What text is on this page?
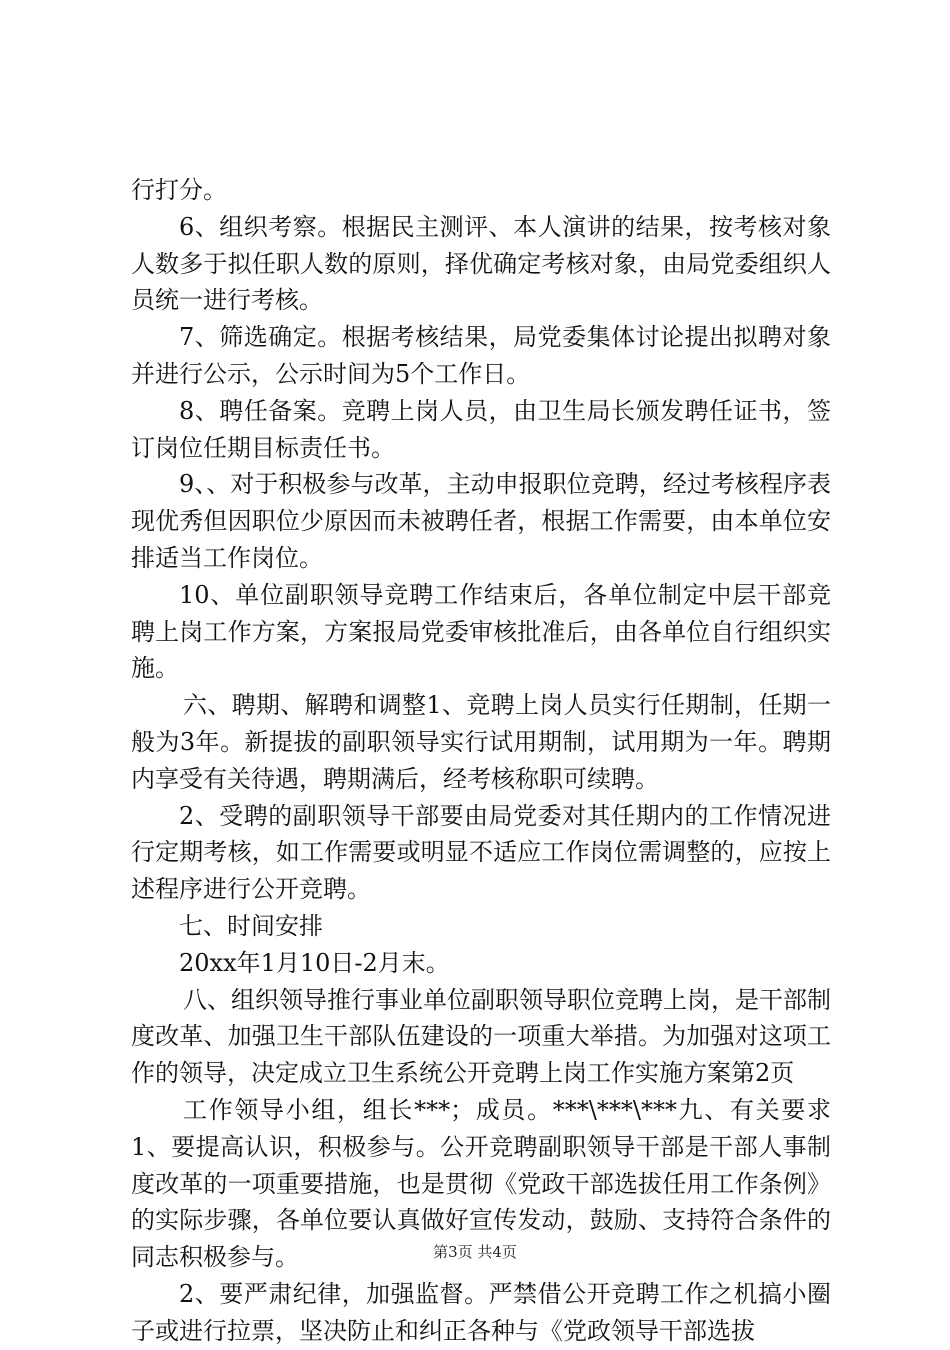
行打分。

6、组织考察。根据民主测评、本人演讲的结果，按考核对象人数多于拟任职人数的原则，择优确定考核对象，由局党委组织人员统一进行考核。

7、筛选确定。根据考核结果，局党委集体讨论提出拟聘对象并进行公示，公示时间为5个工作日。

8、聘任备案。竞聘上岗人员，由卫生局长颁发聘任证书，签订岗位任期目标责任书。

9、、对于积极参与改革，主动申报职位竞聘，经过考核程序表现优秀但因职位少原因而未被聘任者，根据工作需要，由本单位安排适当工作岗位。

10、单位副职领导竞聘工作结束后，各单位制定中层干部竞聘上岗工作方案，方案报局党委审核批准后，由各单位自行组织实施。

六、聘期、解聘和调整1、竞聘上岗人员实行任期制，任期一般为3年。新提拔的副职领导实行试用期制，试用期为一年。聘期内享受有关待遇，聘期满后，经考核称职可续聘。

2、受聘的副职领导干部要由局党委对其任期内的工作情况进行定期考核，如工作需要或明显不适应工作岗位需调整的，应按上述程序进行公开竞聘。

七、时间安排

20xx年1月10日-2月末。

八、组织领导推行事业单位副职领导职位竞聘上岗，是干部制度改革、加强卫生干部队伍建设的一项重大举措。为加强对这项工作的领导，决定成立卫生系统公开竞聘上岗工作实施方案第2页

工作领导小组，组长***；成员。***\***\***九、有关要求1、要提高认识，积极参与。公开竞聘副职领导干部是干部人事制度改革的一项重要措施，也是贯彻《党政干部选拔任用工作条例》的实际步骤，各单位要认真做好宣传发动，鼓励、支持符合条件的同志积极参与。

2、要严肃纪律，加强监督。严禁借公开竞聘工作之机搞小圈子或进行拉票，坚决防止和纠正各种与《党政领导干部选拔

第3页 共4页
